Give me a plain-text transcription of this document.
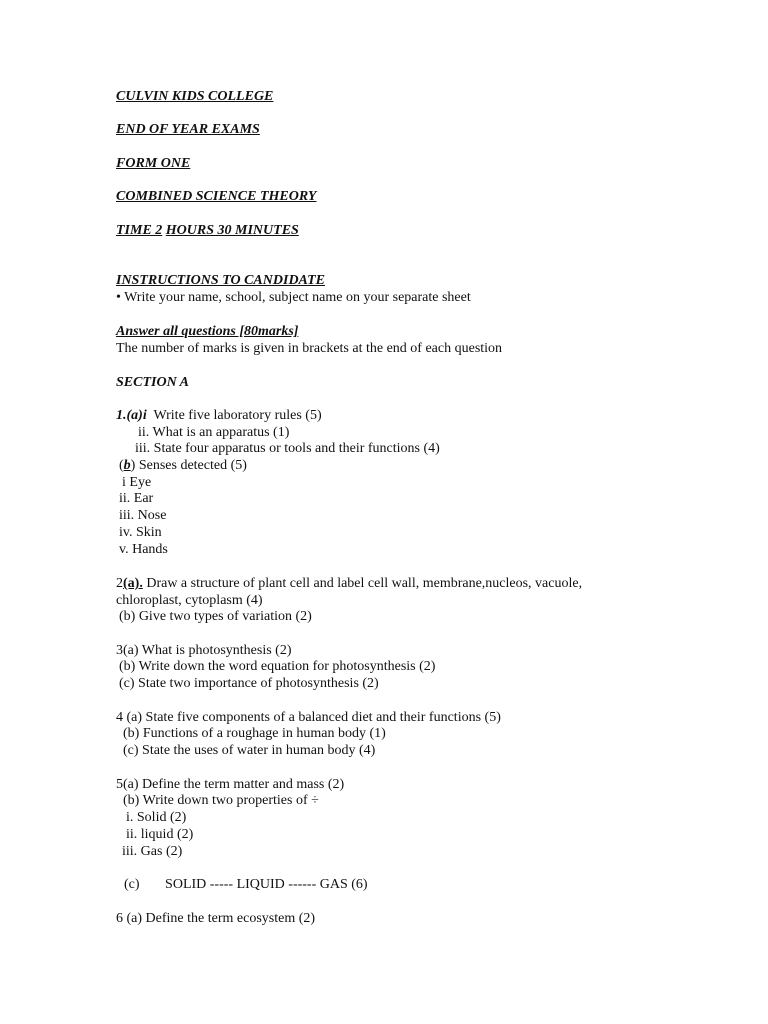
CULVIN KIDS COLLEGE
END OF YEAR EXAMS
FORM ONE
COMBINED SCIENCE THEORY
TIME 2 HOURS 30 MINUTES
INSTRUCTIONS TO CANDIDATE
• Write your name, school, subject name on your separate sheet
Answer all questions [80marks]
The number of marks is given in brackets at the end of each question
SECTION A
1.(a)i Write five laboratory rules (5)
ii. What is an apparatus (1)
iii. State four apparatus or tools and their functions (4)
(b) Senses detected (5)
i Eye
ii. Ear
iii. Nose
iv. Skin
v. Hands
2(a). Draw a structure of plant cell and label cell wall, membrane,nucleos, vacuole,
chloroplast, cytoplasm (4)
(b) Give two types of variation (2)
3(a) What is photosynthesis (2)
(b) Write down the word equation for photosynthesis (2)
(c) State two importance of photosynthesis (2)
4 (a) State five components of a balanced diet and their functions (5)
(b) Functions of a roughage in human body (1)
(c) State the uses of water in human body (4)
5(a) Define the term matter and mass (2)
(b) Write down two properties of ÷
i. Solid (2)
ii. liquid (2)
iii. Gas (2)
(c) SOLID ----- LIQUID ------ GAS (6)
6 (a) Define the term ecosystem (2)
